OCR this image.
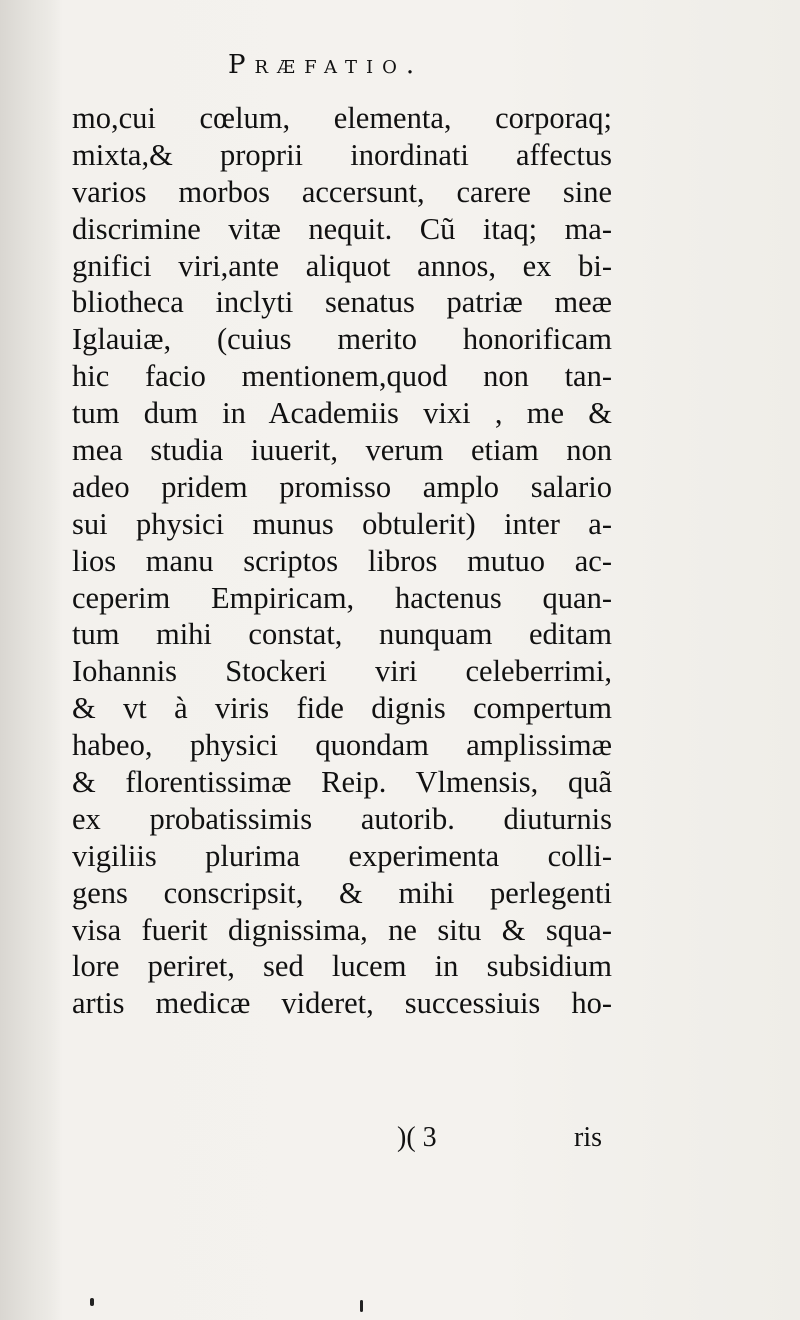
Præfatio.
mo,cui cœlum, elementa, corporaq;
mixta,& proprii inordinati affectus
varios morbos accersunt, carere sine
discrimine vitæ nequit. Cũ itaq; ma-
gnifici viri,ante aliquot annos, ex bi-
bliotheca inclyti senatus patriæ meæ
Iglauiæ, (cuius merito honorificam
hic facio mentionem,quod non tan-
tum dum in Academiis vixi , me &
mea studia iuuerit, verum etiam non
adeo pridem promisso amplo salario
sui physici munus obtulerit) inter a-
lios manu scriptos libros mutuo ac-
ceperim Empiricam, hactenus quan-
tum mihi constat, nunquam editam
Iohannis Stockeri viri celeberrimi,
& vt à viris fide dignis compertum
habeo, physici quondam amplissimæ
& florentissimæ Reip. Vlmensis, quã
ex probatissimis autorib. diuturnis
vigiliis plurima experimenta colli-
gens conscripsit, & mihi perlegenti
visa fuerit dignissima, ne situ & squa-
lore periret, sed lucem in subsidium
artis medicæ videret, successiuis ho-
)( 3	ris
